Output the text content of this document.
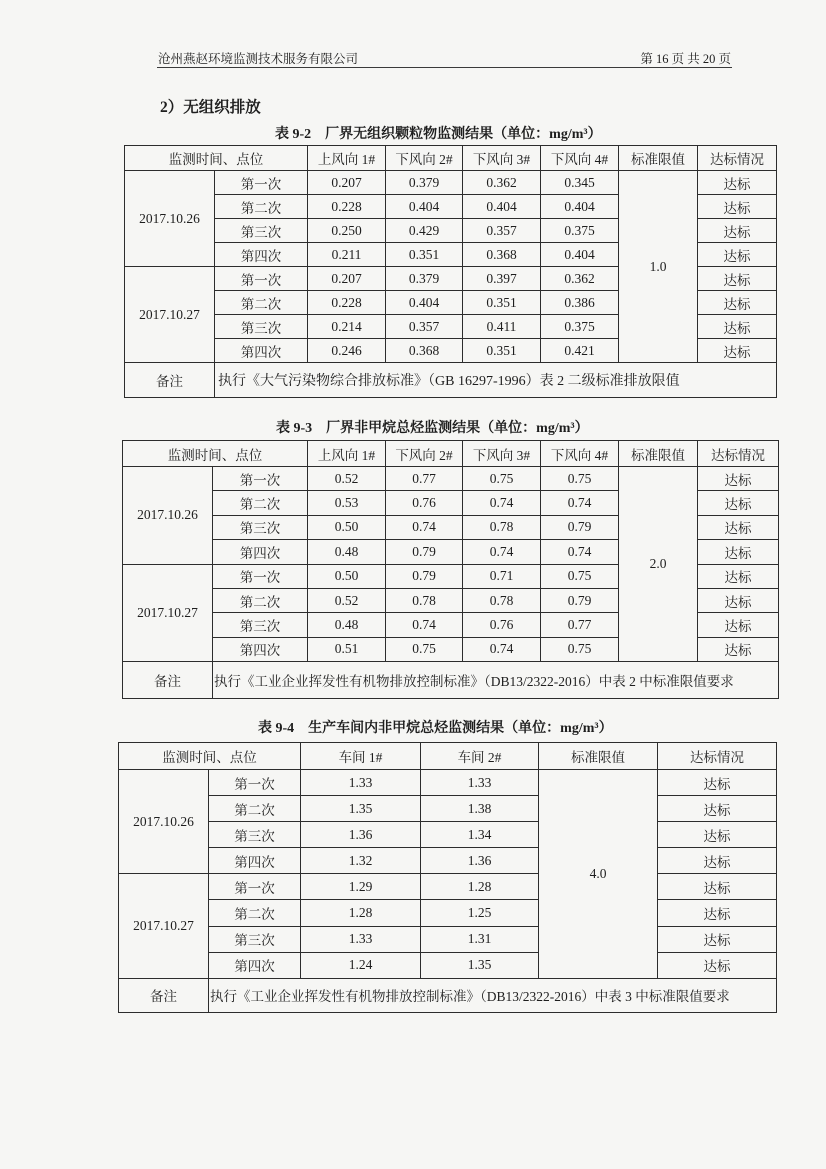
沧州燕赵环境监测技术服务有限公司	第 16 页 共 20 页
2）无组织排放
表 9-2 厂界无组织颗粒物监测结果（单位：mg/m³）
监测时间、点位		上风向 1#	下风向 2#	下风向 3#	下风向 4#	标准限值	达标情况
2017.10.26	第一次	0.207	0.379	0.362	0.345	1.0	达标
	第二次	0.228	0.404	0.404	0.404		达标
	第三次	0.250	0.429	0.357	0.375		达标
	第四次	0.211	0.351	0.368	0.404		达标
2017.10.27	第一次	0.207	0.379	0.397	0.362		达标
	第二次	0.228	0.404	0.351	0.386		达标
	第三次	0.214	0.357	0.411	0.375		达标
	第四次	0.246	0.368	0.351	0.421		达标
备注	执行《大气污染物综合排放标准》（GB 16297-1996）表 2 二级标准排放限值						
表 9-3 厂界非甲烷总烃监测结果（单位：mg/m³）
监测时间、点位		上风向 1#	下风向 2#	下风向 3#	下风向 4#	标准限值	达标情况
2017.10.26	第一次	0.52	0.77	0.75	0.75	2.0	达标
	第二次	0.53	0.76	0.74	0.74		达标
	第三次	0.50	0.74	0.78	0.79		达标
	第四次	0.48	0.79	0.74	0.74		达标
2017.10.27	第一次	0.50	0.79	0.71	0.75		达标
	第二次	0.52	0.78	0.78	0.79		达标
	第三次	0.48	0.74	0.76	0.77		达标
	第四次	0.51	0.75	0.74	0.75		达标
备注	执行《工业企业挥发性有机物排放控制标准》（DB13/2322-2016）中表 2 中标准限值要求						
表 9-4 生产车间内非甲烷总烃监测结果（单位：mg/m³）
监测时间、点位		车间 1#	车间 2#	标准限值	达标情况
2017.10.26	第一次	1.33	1.33	4.0	达标
	第二次	1.35	1.38		达标
	第三次	1.36	1.34		达标
	第四次	1.32	1.36		达标
2017.10.27	第一次	1.29	1.28		达标
	第二次	1.28	1.25		达标
	第三次	1.33	1.31		达标
	第四次	1.24	1.35		达标
备注	执行《工业企业挥发性有机物排放控制标准》（DB13/2322-2016）中表 3 中标准限值要求				
